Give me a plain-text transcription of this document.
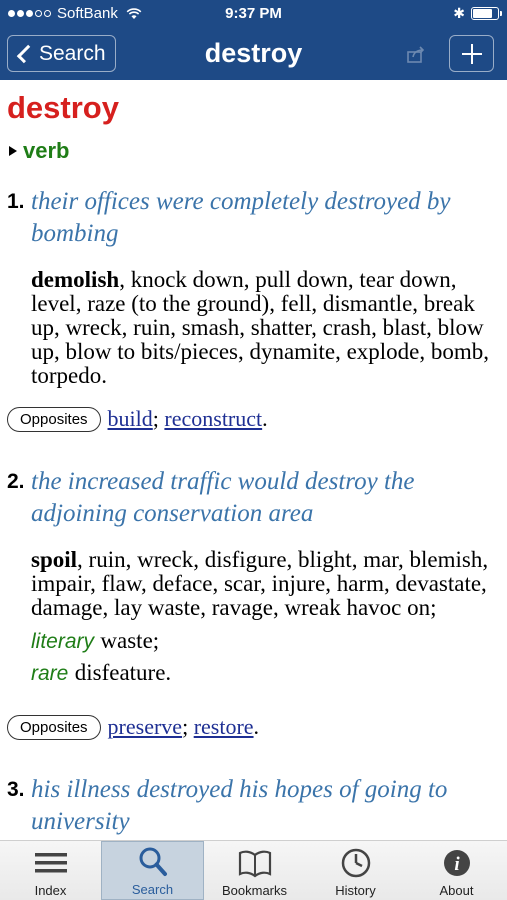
SoftBank	9:37 PM	✱
Search	destroy
destroy
verb
1. their offices were completely destroyed by bombing
demolish, knock down, pull down, tear down, level, raze (to the ground), fell, dismantle, break up, wreck, ruin, smash, shatter, crash, blast, blow up, blow to bits/pieces, dynamite, explode, bomb, torpedo.
Opposites build ; reconstruct .
2. the increased traffic would destroy the adjoining conservation area
spoil, ruin, wreck, disfigure, blight, mar, blemish, impair, flaw, deface, scar, injure, harm, devastate, damage, lay waste, ravage, wreak havoc on;
literary waste;
rare disfeature.
Opposites preserve ; restore .
3. his illness destroyed his hopes of going to university
Index	Search	Bookmarks	History
i
About
